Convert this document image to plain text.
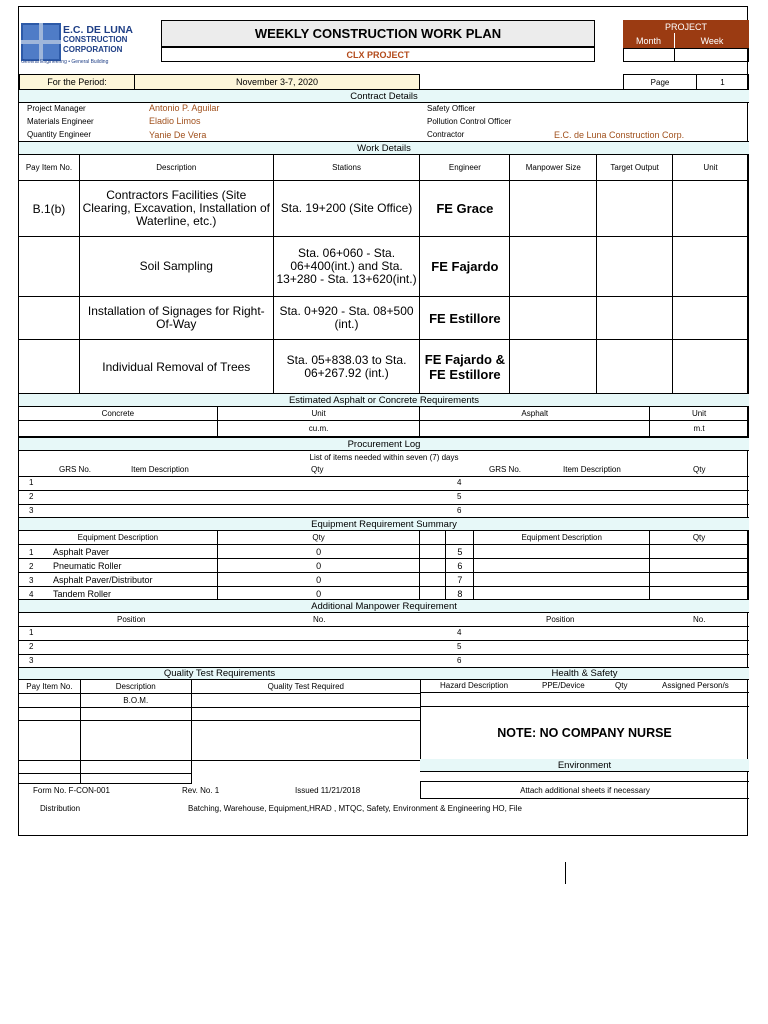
E.C. DE LUNA
CONSTRUCTION
CORPORATION
General Engineering • General Building
WEEKLY CONSTRUCTION WORK PLAN
CLX PROJECT
PROJECT
Month	Week
For the Period:	November 3-7, 2020	Page	1
Contract Details
Project Manager	Antonio P. Aguilar
Materials Engineer	Eladio Limos
Quantity Engineer	Yanie De Vera
Safety Officer
Pollution Control Officer
Contractor	E.C. de Luna Construction Corp.
Work Details
Pay Item No.	Description	Stations	Engineer	Manpower Size	Target Output	Unit
B.1(b)	Contractors Facilities (Site Clearing, Excavation, Installation of Waterline, etc.)	Sta. 19+200 (Site Office)	FE Grace			
	Soil Sampling	Sta. 06+060 - Sta. 06+400(int.) and Sta. 13+280 - Sta. 13+620(int.)	FE Fajardo			
	Installation of Signages for Right-Of-Way	Sta. 0+920 - Sta. 08+500 (int.)	FE Estillore			
	Individual Removal of Trees	Sta. 05+838.03 to Sta. 06+267.92 (int.)	FE Fajardo & FE Estillore			
Estimated Asphalt or Concrete Requirements
Concrete	Unit	Asphalt	Unit
	cu.m.		m.t
Procurement Log
List of items needed within seven (7) days
GRS No.	Item Description	Qty	GRS No.	Item Description	Qty
1	4
2	5
3	6
Equipment Requirement Summary
Equipment Description	Qty			Equipment Description	Qty
1 Asphalt Paver	0		5		
2 Pneumatic Roller	0		6		
3 Asphalt Paver/Distributor	0		7		
4 Tandem Roller	0		8		
Additional Manpower Requirement
Position	No.	Position	No.
1	4
2	5
3	6
Quality Test Requirements	Health & Safety
Pay Item No.	Description	Quality Test Required
	B.O.M.	

Hazard Description	PPE/Device	Qty	Assigned Person/s
NOTE: NO COMPANY NURSE
Environment
Attach additional sheets if necessary
Form No. F-CON-001	Rev. No. 1	Issued 11/21/2018
Distribution	Batching, Warehouse, Equipment,HRAD , MTQC, Safety, Environment & Engineering HO, File
